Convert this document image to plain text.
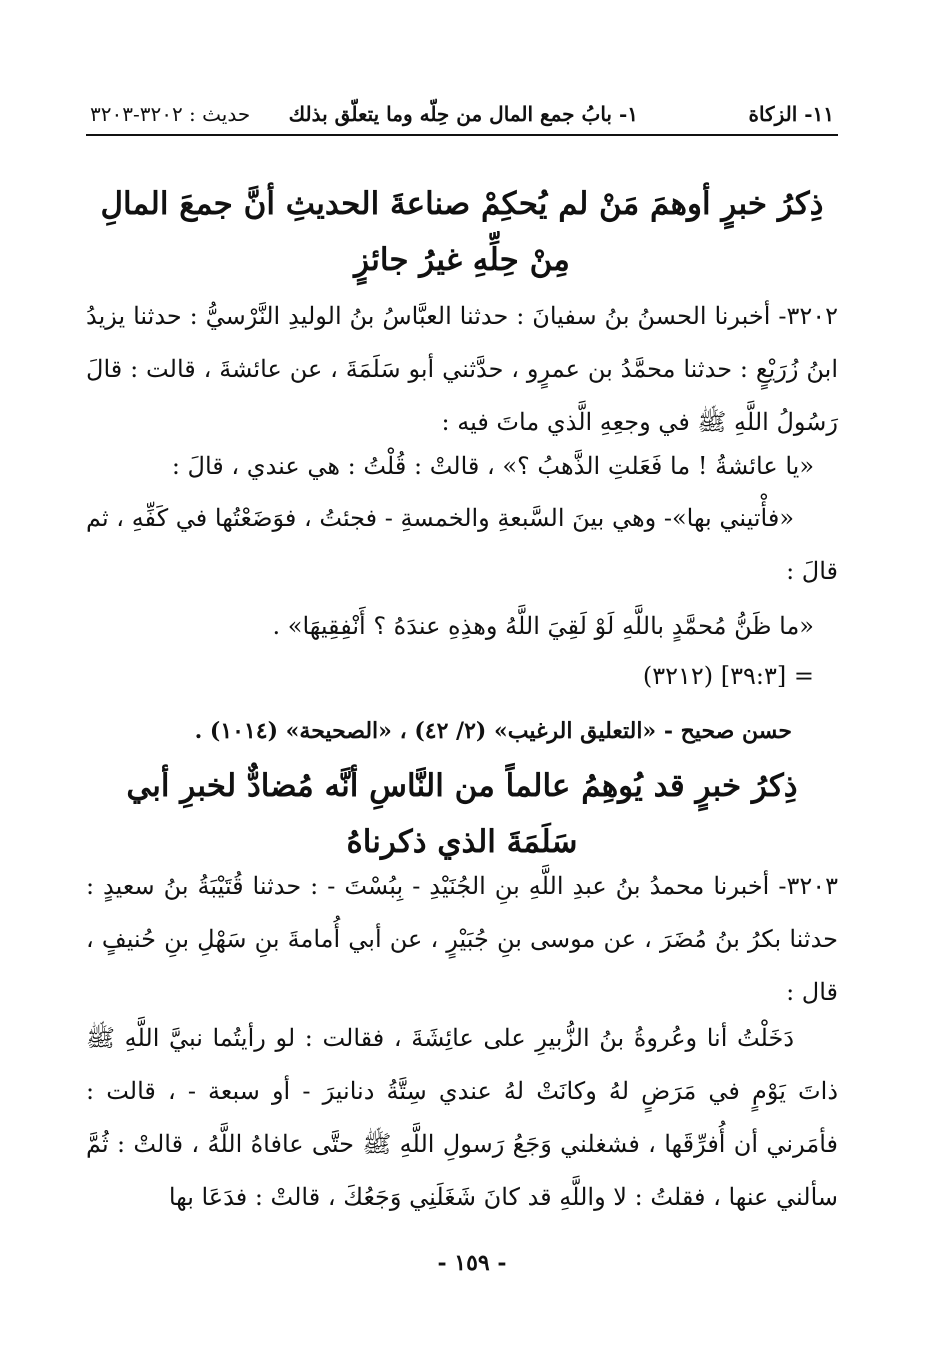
١١- الزكاة
١- بابُ جمع المال من حِلّه وما يتعلّق بذلك
حديث : ٣٢٠٢-٣٢٠٣
ذِكرُ خبرٍ أوهمَ مَنْ لم يُحكِمْ صناعةَ الحديثِ أنَّ جمعَ المالِ مِنْ حِلِّهِ غيرُ جائزٍ
٣٢٠٢- أخبرنا الحسنُ بنُ سفيانَ : حدثنا العبَّاسُ بنُ الوليدِ النَّرْسيُّ : حدثنا يزيدُ ابنُ زُرَيْعٍ : حدثنا محمَّدُ بن عمرٍو ، حدَّثني أبو سَلَمَةَ ، عن عائشةَ ، قالت : قالَ رَسُولُ اللَّهِ ﷺ في وجعِهِ الَّذي ماتَ فيه :
«يا عائشةُ ! ما فَعَلتِ الذَّهبُ ؟» ، قالتْ : قُلْتُ : هي عندي ، قالَ :
«فأْتيني بها»- وهي بينَ السَّبعةِ والخمسةِ - فجئتُ ، فوَضَعْتُها في كَفِّهِ ، ثم قالَ :
«ما ظَنُّ مُحمَّدٍ باللَّهِ لَوْ لَقِيَ اللَّهُ وهذِهِ عندَهُ ؟ أَنْفِقِيهَا» .
= [٣٩:٣] (٣٢١٢)
حسن صحيح - «التعليق الرغيب» (٢/ ٤٢) ، «الصحيحة» (١٠١٤) .
ذِكرُ خبرٍ قد يُوهِمُ عالماً من النَّاسِ أنَّه مُضادٌّ لخبرِ أبي سَلَمَةَ الذي ذكرناهُ
٣٢٠٣- أخبرنا محمدُ بنُ عبدِ اللَّهِ بنِ الجُنَيْدِ - بِبُسْتَ - : حدثنا قُتَيْبَةُ بنُ سعيدٍ : حدثنا بكرُ بنُ مُضَرَ ، عن موسى بنِ جُبَيْرٍ ، عن أبي أُمامةَ بنِ سَهْلِ بنِ حُنيفٍ ، قال :
دَخَلْتُ أنا وعُروةُ بنُ الزُّبيرِ على عائِشَةَ ، فقالت : لو رأيتُما نبيَّ اللَّهِ ﷺ ذاتَ يَوْمٍ في مَرَضٍ لهُ وكانَتْ لهُ عندي سِتَّةُ دنانيرَ - أو سبعة - ، قالت : فأمَرني أن أُفرِّقَها ، فشغلني وَجَعُ رَسولِ اللَّهِ ﷺ حتَّى عافاهُ اللَّهُ ، قالتْ : ثُمَّ سألني عنها ، فقلتُ : لا واللَّهِ قد كانَ شَغَلَنِي وَجَعُكَ ، قالتْ : فدَعَا بها
- ١٥٩ -
